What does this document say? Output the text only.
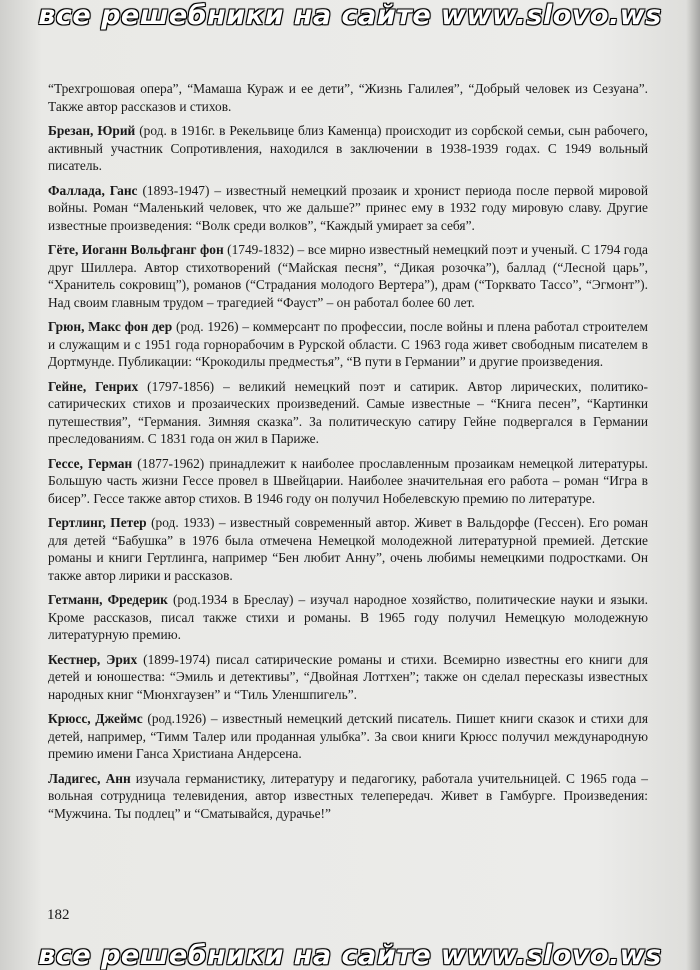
все решебники на сайте www.slovo.ws

“Трехгрошовая опера”, “Мамаша Кураж и ее дети”, “Жизнь Галилея”, “Добрый человек из Сезуана”. Также автор рассказов и стихов.

Брезан, Юрий (род. в 1916г. в Рекельвице близ Каменца) происходит из сорбской семьи, сын рабочего, активный участник Сопротивления, находился в заключении в 1938-1939 годах. С 1949 вольный писатель.

Фаллада, Ганс (1893-1947) – известный немецкий прозаик и хронист периода после первой мировой войны. Роман “Маленький человек, что же дальше?” принес ему в 1932 году мировую славу. Другие известные произведения: “Волк среди волков”, “Каждый умирает за себя”.

Гёте, Иоганн Вольфганг фон (1749-1832) – все мирно известный немецкий поэт и ученый. С 1794 года друг Шиллера. Автор стихотворений (“Майская песня”, “Дикая розочка”), баллад (“Лесной царь”, “Хранитель сокровищ”), романов (“Страдания молодого Вертера”), драм (“Торквато Тассо”, “Эгмонт”). Над своим главным трудом – трагедией “Фауст” – он работал более 60 лет.

Грюн, Макс фон дер (род. 1926) – коммерсант по профессии, после войны и плена работал строителем и служащим и с 1951 года горнорабочим в Рурской области. С 1963 года живет свободным писателем в Дортмунде. Публикации: “Крокодилы предместья”, “В пути в Германии” и другие произведения.

Гейне, Генрих (1797-1856) – великий немецкий поэт и сатирик. Автор лирических, политико-сатирических стихов и прозаических произведений. Самые известные – “Книга песен”, “Картинки путешествия”, “Германия. Зимняя сказка”. За политическую сатиру Гейне подвергался в Германии преследованиям. С 1831 года он жил в Париже.

Гессе, Герман (1877-1962) принадлежит к наиболее прославленным прозаикам немецкой литературы. Большую часть жизни Гессе провел в Швейцарии. Наиболее значительная его работа – роман “Игра в бисер”. Гессе также автор стихов. В 1946 году он получил Нобелевскую премию по литературе.

Гертлинг, Петер (род. 1933) – известный современный автор. Живет в Вальдорфе (Гессен). Его роман для детей “Бабушка” в 1976 была отмечена Немецкой молодежной литературной премией. Детские романы и книги Гертлинга, например “Бен любит Анну”, очень любимы немецкими подростками. Он также автор лирики и рассказов.

Гетманн, Фредерик (род.1934 в Бреслау) – изучал народное хозяйство, политические науки и языки. Кроме рассказов, писал также стихи и романы. В 1965 году получил Немецкую молодежную литературную премию.

Кестнер, Эрих (1899-1974) писал сатирические романы и стихи. Всемирно известны его книги для детей и юношества: “Эмиль и детективы”, “Двойная Лоттхен”; также он сделал пересказы известных народных книг “Мюнхгаузен” и “Тиль Уленшпигель”.

Крюсс, Джеймс (род.1926) – известный немецкий детский писатель. Пишет книги сказок и стихи для детей, например, “Тимм Талер или проданная улыбка”. За свои книги Крюсс получил международную премию имени Ганса Христиана Андерсена.

Ладигес, Анн изучала германистику, литературу и педагогику, работала учительницей. С 1965 года – вольная сотрудница телевидения, автор известных телепередач. Живет в Гамбурге. Произведения: “Мужчина. Ты подлец” и “Сматывайся, дурачье!”

182
все решебники на сайте www.slovo.ws
